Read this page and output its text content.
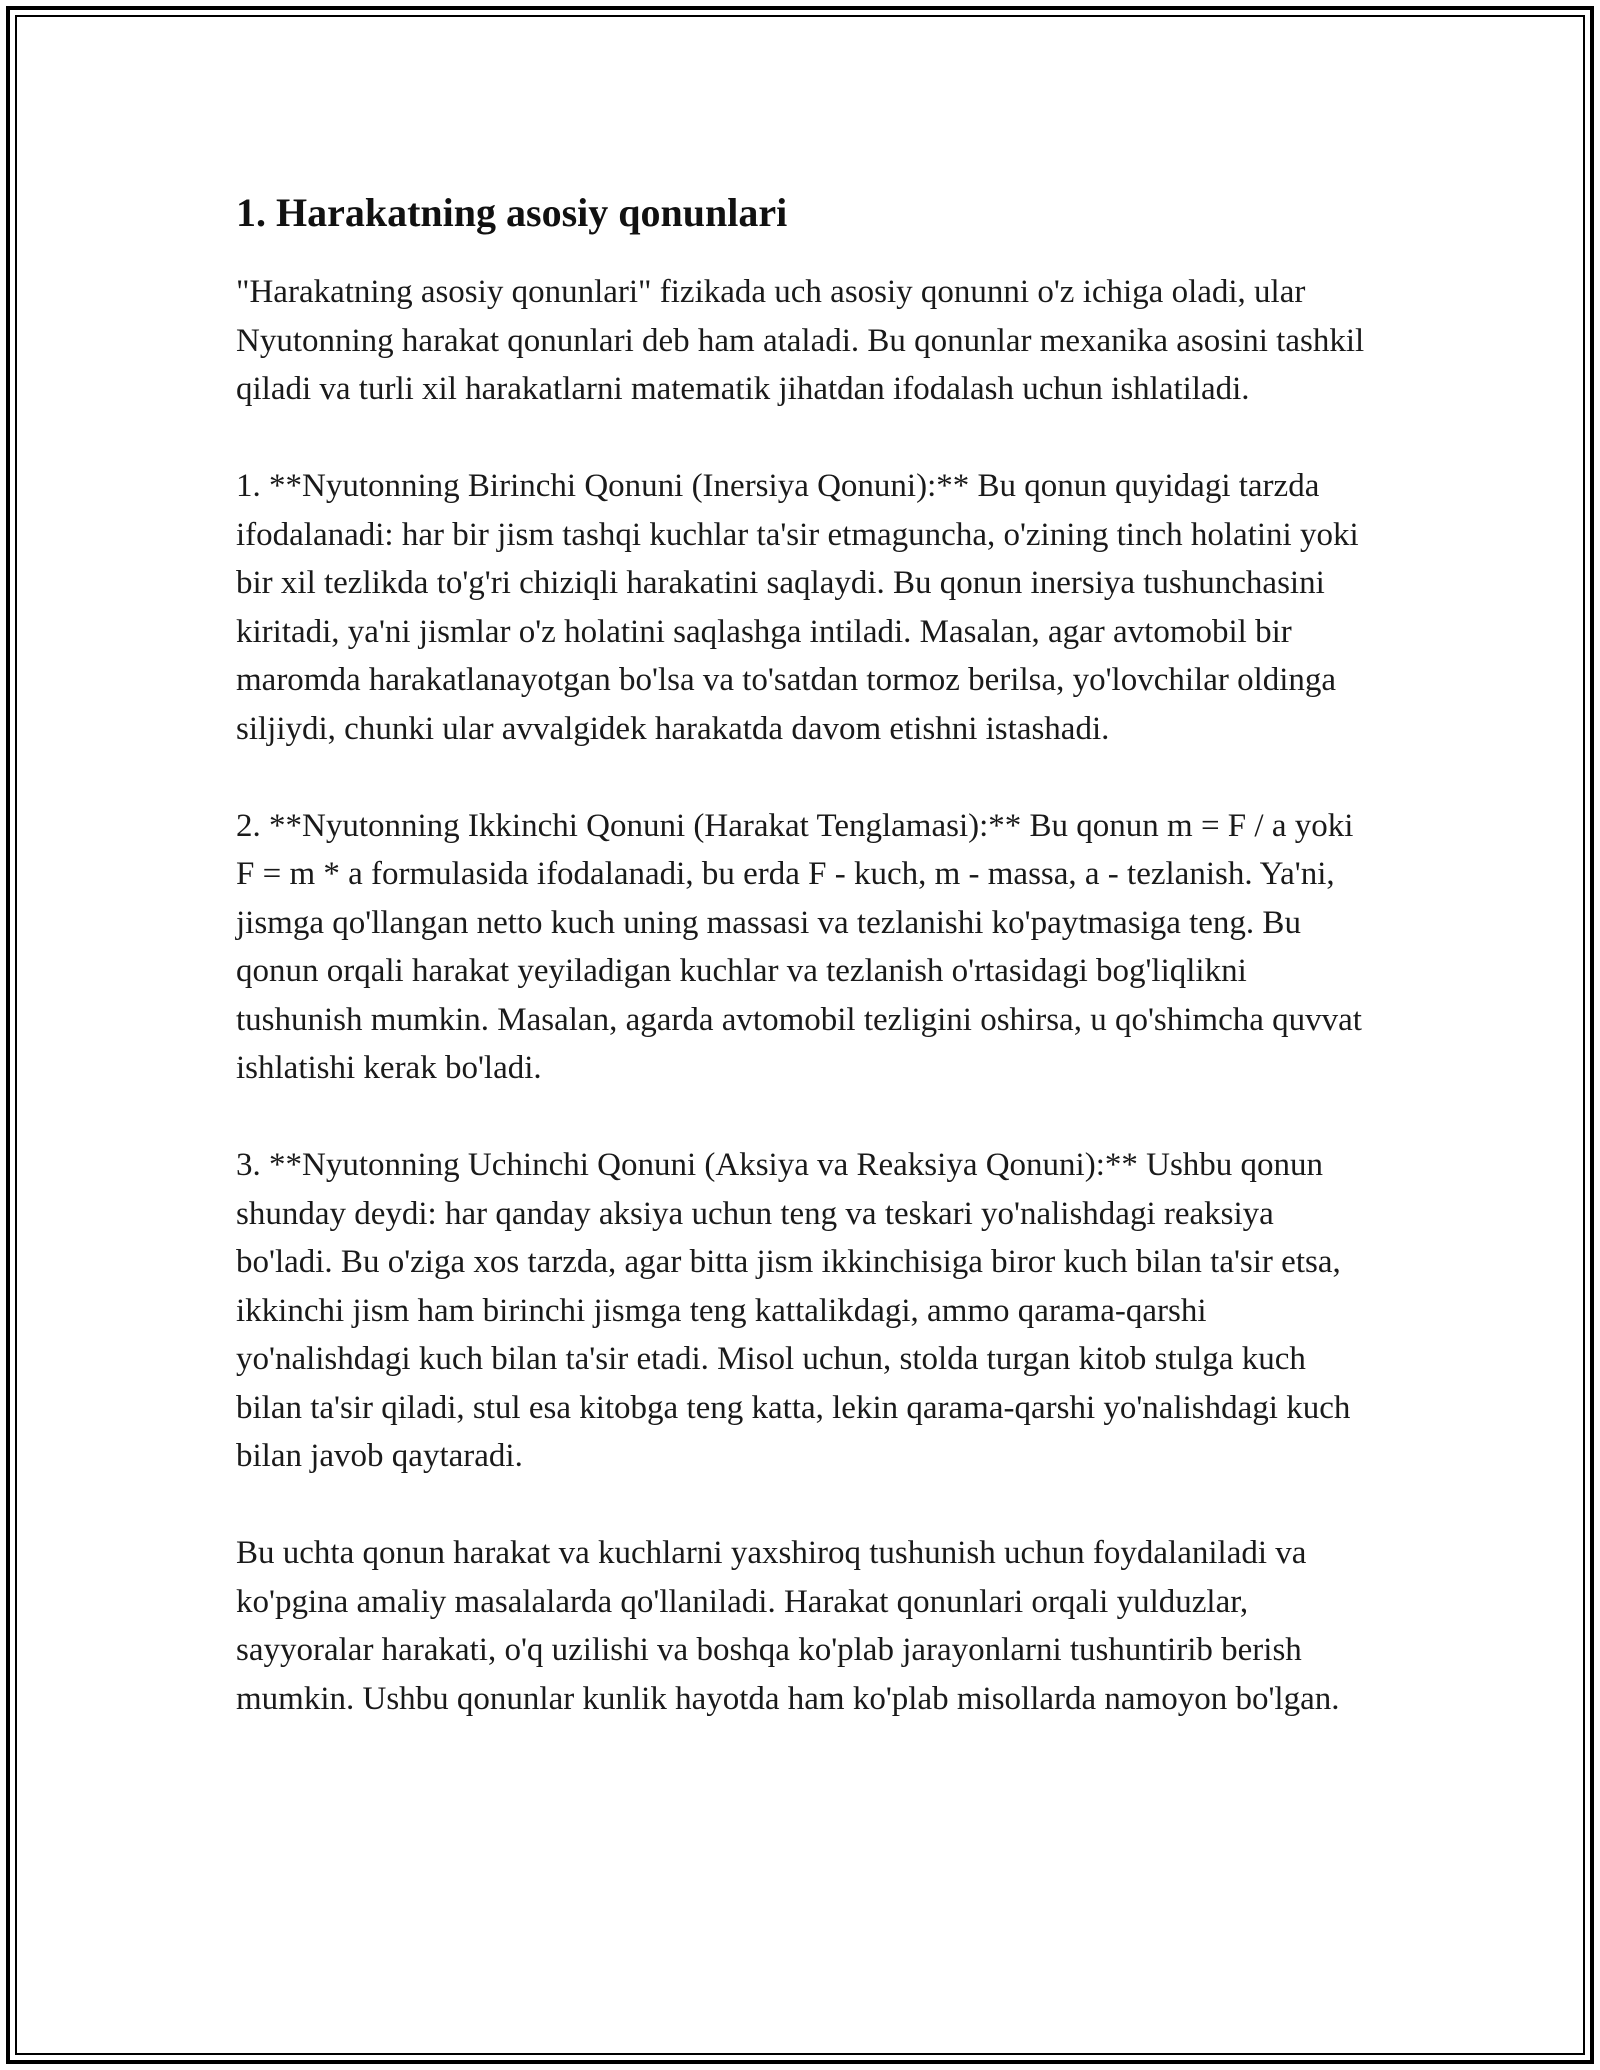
1. Harakatning asosiy qonunlari

"Harakatning asosiy qonunlari" fizikada uch asosiy qonunni o'z ichiga oladi, ular Nyutonning harakat qonunlari deb ham ataladi. Bu qonunlar mexanika asosini tashkil qiladi va turli xil harakatlarni matematik jihatdan ifodalash uchun ishlatiladi.

1. **Nyutonning Birinchi Qonuni (Inersiya Qonuni):** Bu qonun quyidagi tarzda ifodalanadi: har bir jism tashqi kuchlar ta'sir etmaguncha, o'zining tinch holatini yoki bir xil tezlikda to'g'ri chiziqli harakatini saqlaydi. Bu qonun inersiya tushunchasini kiritadi, ya'ni jismlar o'z holatini saqlashga intiladi. Masalan, agar avtomobil bir maromda harakatlanayotgan bo'lsa va to'satdan tormoz berilsa, yo'lovchilar oldinga siljiydi, chunki ular avvalgidek harakatda davom etishni istashadi.

2. **Nyutonning Ikkinchi Qonuni (Harakat Tenglamasi):** Bu qonun m = F / a yoki F = m * a formulasida ifodalanadi, bu erda F - kuch, m - massa, a - tezlanish. Ya'ni, jismga qo'llangan netto kuch uning massasi va tezlanishi ko'paytmasiga teng. Bu qonun orqali harakat yeyiladigan kuchlar va tezlanish o'rtasidagi bog'liqlikni tushunish mumkin. Masalan, agarda avtomobil tezligini oshirsa, u qo'shimcha quvvat ishlatishi kerak bo'ladi.

3. **Nyutonning Uchinchi Qonuni (Aksiya va Reaksiya Qonuni):** Ushbu qonun shunday deydi: har qanday aksiya uchun teng va teskari yo'nalishdagi reaksiya bo'ladi. Bu o'ziga xos tarzda, agar bitta jism ikkinchisiga biror kuch bilan ta'sir etsa, ikkinchi jism ham birinchi jismga teng kattalikdagi, ammo qarama-qarshi yo'nalishdagi kuch bilan ta'sir etadi. Misol uchun, stolda turgan kitob stulga kuch bilan ta'sir qiladi, stul esa kitobga teng katta, lekin qarama-qarshi yo'nalishdagi kuch bilan javob qaytaradi.

Bu uchta qonun harakat va kuchlarni yaxshiroq tushunish uchun foydalaniladi va ko'pgina amaliy masalalarda qo'llaniladi. Harakat qonunlari orqali yulduzlar, sayyoralar harakati, o'q uzilishi va boshqa ko'plab jarayonlarni tushuntirib berish mumkin. Ushbu qonunlar kunlik hayotda ham ko'plab misollarda namoyon bo'lgan.
